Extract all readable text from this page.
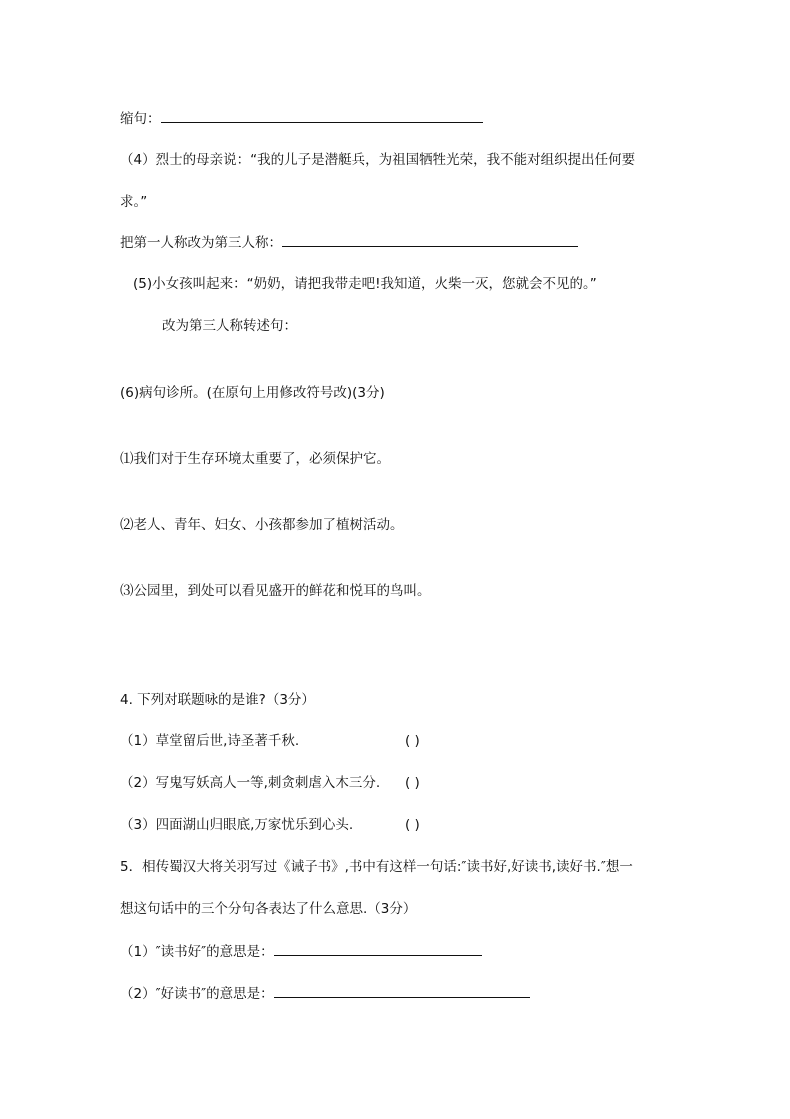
缩句：
（4）烈士的母亲说：“我的儿子是潜艇兵，为祖国牺牲光荣，我不能对组织提出任何要
求。”
把第一人称改为第三人称：
(5)小女孩叫起来：“奶奶，请把我带走吧!我知道，火柴一灭，您就会不见的。”
改为第三人称转述句：
(6)病句诊所。(在原句上用修改符号改)(3分)
⑴我们对于生存环境太重要了，必须保护它。
⑵老人、青年、妇女、小孩都参加了植树活动。
⑶公园里，到处可以看见盛开的鲜花和悦耳的鸟叫。
4. 下列对联题咏的是谁?（3分）
（1）草堂留后世,诗圣著千秋.	( )
（2）写鬼写妖高人一等,刺贪刺虐入木三分. ( )
（3）四面湖山归眼底,万家忧乐到心头.	( )
5．相传蜀汉大将关羽写过《诫子书》,书中有这样一句话:″读书好,好读书,读好书.″想一
想这句话中的三个分句各表达了什么意思.（3分）
（1）″读书好″的意思是：
（2）″好读书″的意思是：
